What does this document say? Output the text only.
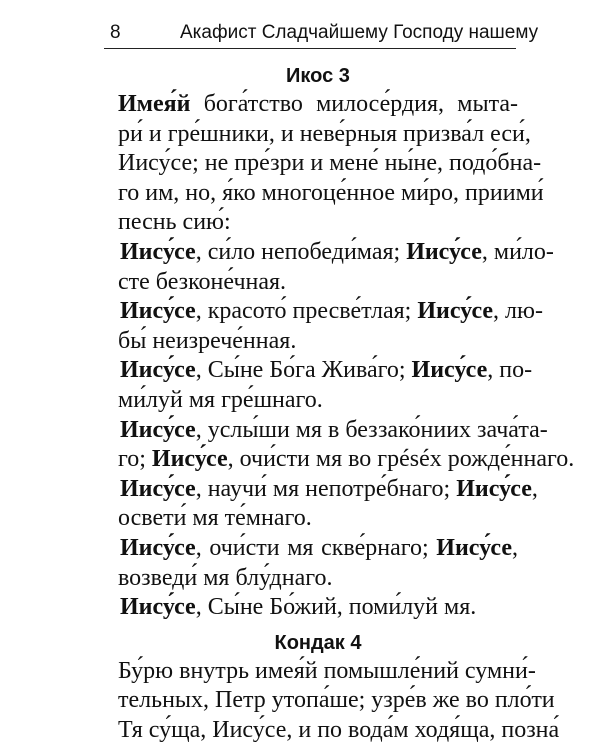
8	Акафист Сладчайшему Господу нашему
Икос 3
Имея́й бога́тство милосе́рдия, мыта-
ри́ и гре́шники, и неве́рныя призва́л еси́,
Иису́се; не пре́зри и мене́ ны́не, подо́бна-
го им, но, я́ко многоце́нное ми́ро, приими́
песнь сию́:
Иису́се, си́ло непобеди́мая; Иису́се, ми́ло-
сте безконе́чная.
Иису́се, красото́ пресве́тлая; Иису́се, лю-
бы́ неизрече́нная.
Иису́се, Сы́не Бо́га Жива́го; Иису́се, по-
ми́луй мя гре́шнаго.
Иису́се, услы́ши мя в беззако́ниих зача́та-
го; Иису́се, очи́сти мя во грéséх рожде́ннаго.
Иису́се, научи́ мя непотре́бнаго; Иису́се,
освети́ мя те́мнаго.
Иису́се, очи́сти мя скве́рнаго; Иису́се,
возведи́ мя блу́днаго.
Иису́се, Сы́не Бо́жий, поми́луй мя.
Кондак 4
Бу́рю внутрь имея́й помышле́ний сумни́-
тельных, Петр утопа́ше; узре́в же во пло́ти
Тя су́ща, Иису́се, и по вода́м ходя́ща, позна́
